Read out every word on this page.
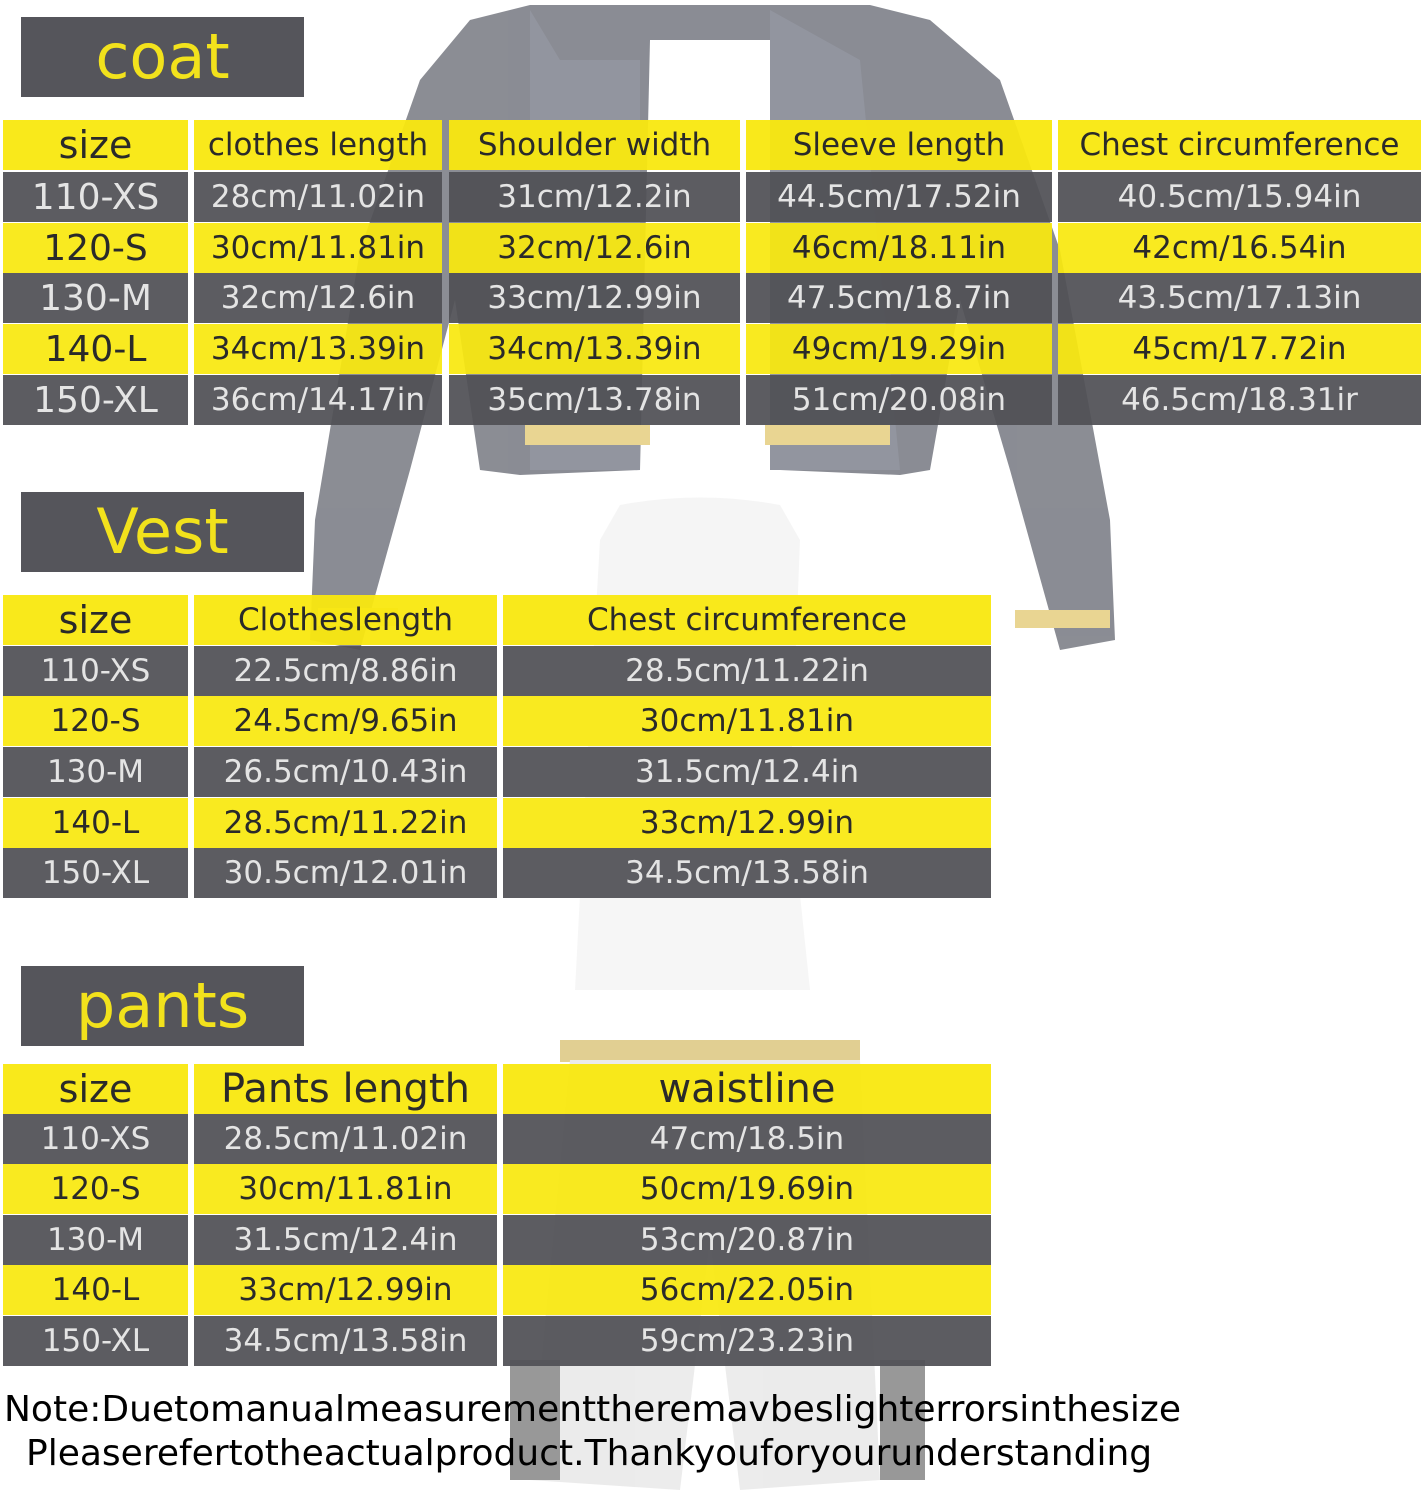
coat
size	clothes length	Shoulder width	Sleeve length	Chest circumference
110-XS	28cm/11.02in	31cm/12.2in	44.5cm/17.52in	40.5cm/15.94in
120-S	30cm/11.81in	32cm/12.6in	46cm/18.11in	42cm/16.54in
130-M	32cm/12.6in	33cm/12.99in	47.5cm/18.7in	43.5cm/17.13in
140-L	34cm/13.39in	34cm/13.39in	49cm/19.29in	45cm/17.72in
150-XL	36cm/14.17in	35cm/13.78in	51cm/20.08in	46.5cm/18.31ir
Vest
size	Clotheslength	Chest circumference
110-XS	22.5cm/8.86in	28.5cm/11.22in
120-S	24.5cm/9.65in	30cm/11.81in
130-M	26.5cm/10.43in	31.5cm/12.4in
140-L	28.5cm/11.22in	33cm/12.99in
150-XL	30.5cm/12.01in	34.5cm/13.58in
pants
size	Pants length	waistline
110-XS	28.5cm/11.02in	47cm/18.5in
120-S	30cm/11.81in	50cm/19.69in
130-M	31.5cm/12.4in	53cm/20.87in
140-L	33cm/12.99in	56cm/22.05in
150-XL	34.5cm/13.58in	59cm/23.23in
Note:Duetomanualmeasurementtheremavbeslighterrorsinthesize
Pleaserefertotheactualproduct.Thankyouforyourunderstanding
